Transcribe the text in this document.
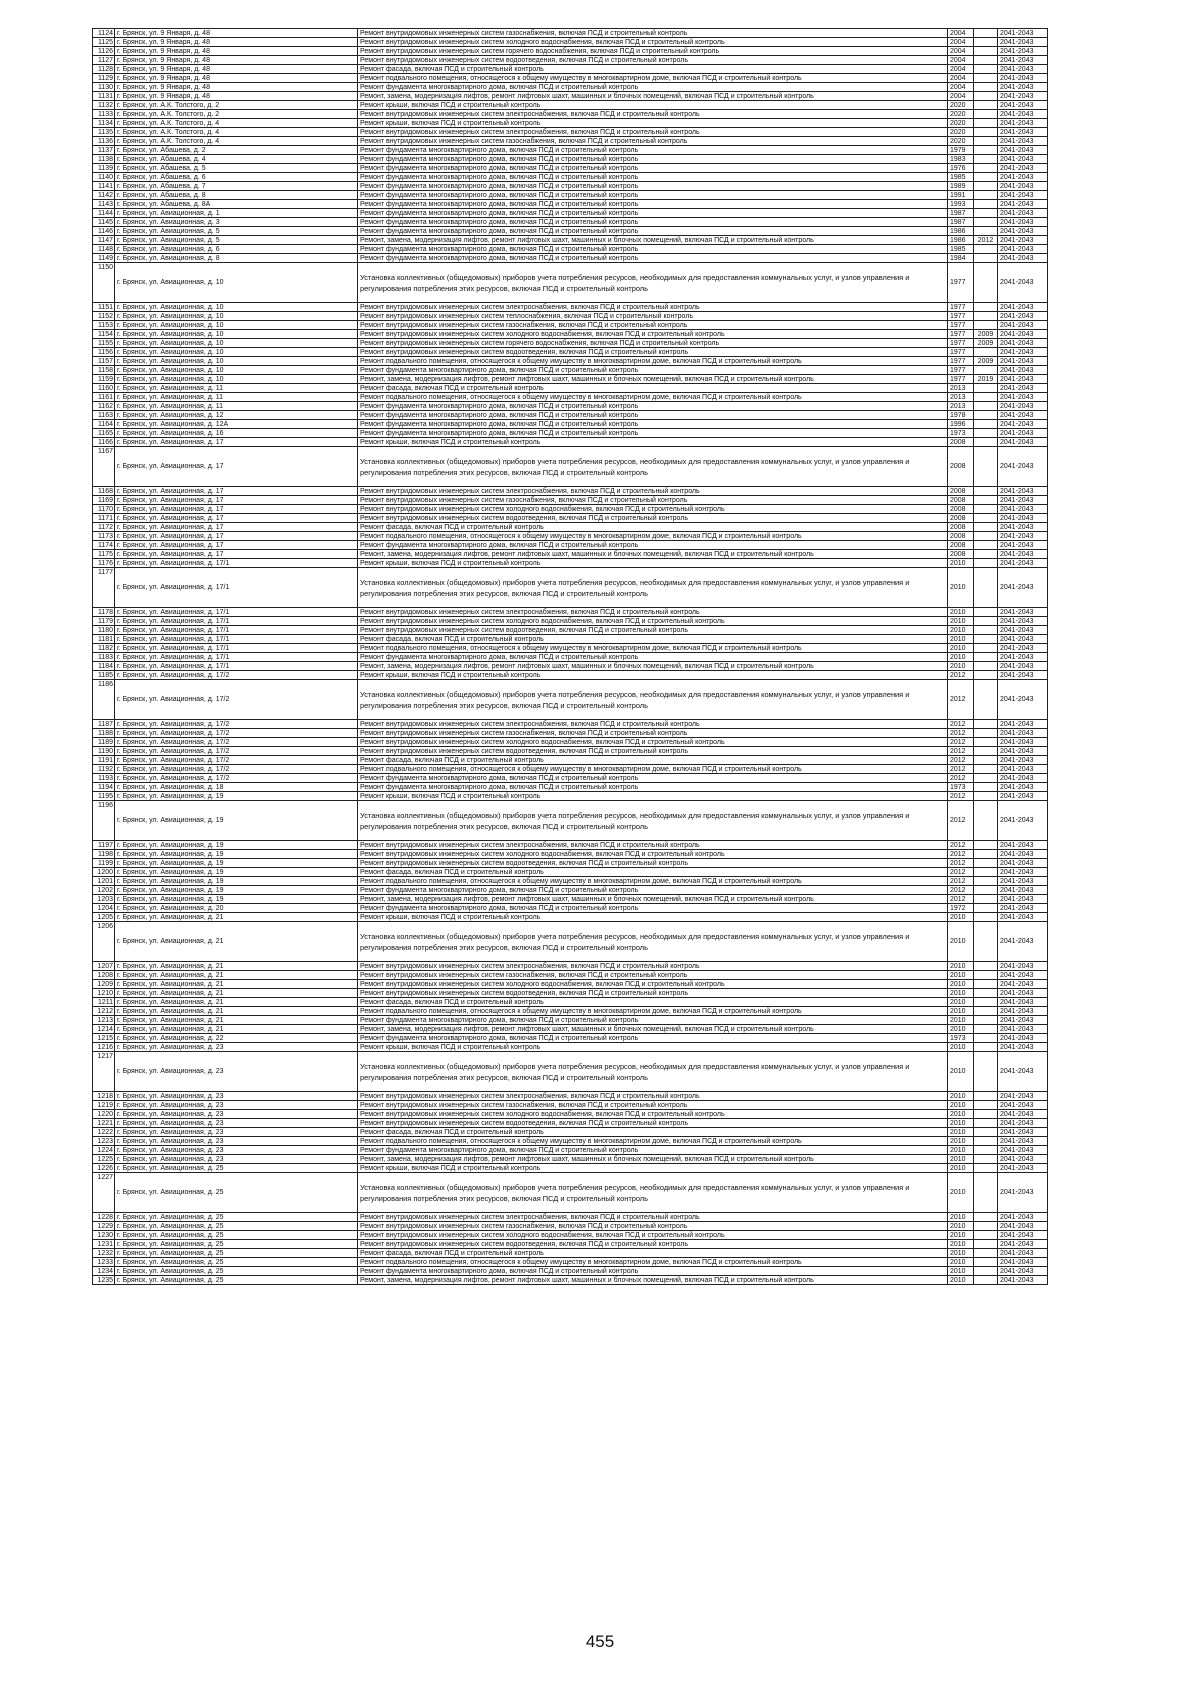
1124	г. Брянск, ул. 9 Января, д. 48	Ремонт внутридомовых инженерных систем газоснабжения, включая ПСД и строительный контроль	2004		2041-2043	
1125	г. Брянск, ул. 9 Января, д. 48	Ремонт внутридомовых инженерных систем холодного водоснабжения, включая ПСД и строительный контроль	2004		2041-2043	
1126	г. Брянск, ул. 9 Января, д. 48	Ремонт внутридомовых инженерных систем горячего водоснабжения, включая ПСД и строительный контроль	2004		2041-2043	
1127	г. Брянск, ул. 9 Января, д. 48	Ремонт внутридомовых инженерных систем водоотведения, включая ПСД и строительный контроль	2004		2041-2043	
1128	г. Брянск, ул. 9 Января, д. 48	Ремонт фасада, включая ПСД и строительный контроль	2004		2041-2043	
1129	г. Брянск, ул. 9 Января, д. 48	Ремонт подвального помещения, относящегося к общему имуществу в многоквартирном доме, включая ПСД и строительный контроль	2004		2041-2043	
1130	г. Брянск, ул. 9 Января, д. 48	Ремонт фундамента многоквартирного дома, включая ПСД и строительный контроль	2004		2041-2043	
1131	г. Брянск, ул. 9 Января, д. 48	Ремонт, замена, модернизация лифтов, ремонт лифтовых шахт, машинных и блочных помещений, включая ПСД и строительный контроль	2004		2041-2043	
1132	г. Брянск, ул. А.К. Толстого, д. 2	Ремонт крыши, включая ПСД и строительный контроль	2020		2041-2043	
1133	г. Брянск, ул. А.К. Толстого, д. 2	Ремонт внутридомовых инженерных систем электроснабжения, включая ПСД и строительный контроль	2020		2041-2043	
1134	г. Брянск, ул. А.К. Толстого, д. 4	Ремонт крыши, включая ПСД и строительный контроль	2020		2041-2043	
1135	г. Брянск, ул. А.К. Толстого, д. 4	Ремонт внутридомовых инженерных систем электроснабжения, включая ПСД и строительный контроль	2020		2041-2043	
1136	г. Брянск, ул. А.К. Толстого, д. 4	Ремонт внутридомовых инженерных систем газоснабжения, включая ПСД и строительный контроль	2020		2041-2043	
1137	г. Брянск, ул. Абашева, д. 2	Ремонт фундамента многоквартирного дома, включая ПСД и строительный контроль	1979		2041-2043	
1138	г. Брянск, ул. Абашева, д. 4	Ремонт фундамента многоквартирного дома, включая ПСД и строительный контроль	1983		2041-2043	
1139	г. Брянск, ул. Абашева, д. 5	Ремонт фундамента многоквартирного дома, включая ПСД и строительный контроль	1976		2041-2043	
1140	г. Брянск, ул. Абашева, д. 6	Ремонт фундамента многоквартирного дома, включая ПСД и строительный контроль	1985		2041-2043	
1141	г. Брянск, ул. Абашева, д. 7	Ремонт фундамента многоквартирного дома, включая ПСД и строительный контроль	1989		2041-2043	
1142	г. Брянск, ул. Абашева, д. 8	Ремонт фундамента многоквартирного дома, включая ПСД и строительный контроль	1991		2041-2043	
1143	г. Брянск, ул. Абашева, д. 8А	Ремонт фундамента многоквартирного дома, включая ПСД и строительный контроль	1993		2041-2043	
1144	г. Брянск, ул. Авиационная, д. 1	Ремонт фундамента многоквартирного дома, включая ПСД и строительный контроль	1987		2041-2043	
1145	г. Брянск, ул. Авиационная, д. 3	Ремонт фундамента многоквартирного дома, включая ПСД и строительный контроль	1987		2041-2043	
1146	г. Брянск, ул. Авиационная, д. 5	Ремонт фундамента многоквартирного дома, включая ПСД и строительный контроль	1986		2041-2043	
1147	г. Брянск, ул. Авиационная, д. 5	Ремонт, замена, модернизация лифтов, ремонт лифтовых шахт, машинных и блочных помещений, включая ПСД и строительный контроль	1986	2012	2041-2043	
1148	г. Брянск, ул. Авиационная, д. 6	Ремонт фундамента многоквартирного дома, включая ПСД и строительный контроль	1985		2041-2043	
1149	г. Брянск, ул. Авиационная, д. 8	Ремонт фундамента многоквартирного дома, включая ПСД и строительный контроль	1984		2041-2043	
1150	г. Брянск, ул. Авиационная, д. 10	Установка коллективных (общедомовых) приборов учета потребления ресурсов, необходимых для предоставления коммунальных услуг, и узлов управления и регулирования потребления этих ресурсов, включая ПСД и строительный контроль	1977		2041-2043	
1151	г. Брянск, ул. Авиационная, д. 10	Ремонт внутридомовых инженерных систем электроснабжения, включая ПСД и строительный контроль	1977		2041-2043	
1152	г. Брянск, ул. Авиационная, д. 10	Ремонт внутридомовых инженерных систем теплоснабжения, включая ПСД и строительный контроль	1977		2041-2043	
1153	г. Брянск, ул. Авиационная, д. 10	Ремонт внутридомовых инженерных систем газоснабжения, включая ПСД и строительный контроль	1977		2041-2043	
1154	г. Брянск, ул. Авиационная, д. 10	Ремонт внутридомовых инженерных систем холодного водоснабжения, включая ПСД и строительный контроль	1977	2009	2041-2043	
1155	г. Брянск, ул. Авиационная, д. 10	Ремонт внутридомовых инженерных систем горячего водоснабжения, включая ПСД и строительный контроль	1977	2009	2041-2043	
1156	г. Брянск, ул. Авиационная, д. 10	Ремонт внутридомовых инженерных систем водоотведения, включая ПСД и строительный контроль	1977		2041-2043	
1157	г. Брянск, ул. Авиационная, д. 10	Ремонт подвального помещения, относящегося к общему имуществу в многоквартирном доме, включая ПСД и строительный контроль	1977	2009	2041-2043	
1158	г. Брянск, ул. Авиационная, д. 10	Ремонт фундамента многоквартирного дома, включая ПСД и строительный контроль	1977		2041-2043	
1159	г. Брянск, ул. Авиационная, д. 10	Ремонт, замена, модернизация лифтов, ремонт лифтовых шахт, машинных и блочных помещений, включая ПСД и строительный контроль	1977	2019	2041-2043	
1160	г. Брянск, ул. Авиационная, д. 11	Ремонт фасада, включая ПСД и строительный контроль	2013		2041-2043	
1161	г. Брянск, ул. Авиационная, д. 11	Ремонт подвального помещения, относящегося к общему имуществу в многоквартирном доме, включая ПСД и строительный контроль	2013		2041-2043	
1162	г. Брянск, ул. Авиационная, д. 11	Ремонт фундамента многоквартирного дома, включая ПСД и строительный контроль	2013		2041-2043	
1163	г. Брянск, ул. Авиационная, д. 12	Ремонт фундамента многоквартирного дома, включая ПСД и строительный контроль	1978		2041-2043	
1164	г. Брянск, ул. Авиационная, д. 12А	Ремонт фундамента многоквартирного дома, включая ПСД и строительный контроль	1996		2041-2043	
1165	г. Брянск, ул. Авиационная, д. 16	Ремонт фундамента многоквартирного дома, включая ПСД и строительный контроль	1973		2041-2043	
1166	г. Брянск, ул. Авиационная, д. 17	Ремонт крыши, включая ПСД и строительный контроль	2008		2041-2043	
1167	г. Брянск, ул. Авиационная, д. 17	Установка коллективных (общедомовых) приборов учета потребления ресурсов, необходимых для предоставления коммунальных услуг, и узлов управления и регулирования потребления этих ресурсов, включая ПСД и строительный контроль	2008		2041-2043	
1168	г. Брянск, ул. Авиационная, д. 17	Ремонт внутридомовых инженерных систем электроснабжения, включая ПСД и строительный контроль	2008		2041-2043	
1169	г. Брянск, ул. Авиационная, д. 17	Ремонт внутридомовых инженерных систем газоснабжения, включая ПСД и строительный контроль	2008		2041-2043	
1170	г. Брянск, ул. Авиационная, д. 17	Ремонт внутридомовых инженерных систем холодного водоснабжения, включая ПСД и строительный контроль	2008		2041-2043	
1171	г. Брянск, ул. Авиационная, д. 17	Ремонт внутридомовых инженерных систем водоотведения, включая ПСД и строительный контроль	2008		2041-2043	
1172	г. Брянск, ул. Авиационная, д. 17	Ремонт фасада, включая ПСД и строительный контроль	2008		2041-2043	
1173	г. Брянск, ул. Авиационная, д. 17	Ремонт подвального помещения, относящегося к общему имуществу в многоквартирном доме, включая ПСД и строительный контроль	2008		2041-2043	
1174	г. Брянск, ул. Авиационная, д. 17	Ремонт фундамента многоквартирного дома, включая ПСД и строительный контроль	2008		2041-2043	
1175	г. Брянск, ул. Авиационная, д. 17	Ремонт, замена, модернизация лифтов, ремонт лифтовых шахт, машинных и блочных помещений, включая ПСД и строительный контроль	2008		2041-2043	
1176	г. Брянск, ул. Авиационная, д. 17/1	Ремонт крыши, включая ПСД и строительный контроль	2010		2041-2043	
1177	г. Брянск, ул. Авиационная, д. 17/1	Установка коллективных (общедомовых) приборов учета потребления ресурсов, необходимых для предоставления коммунальных услуг, и узлов управления и регулирования потребления этих ресурсов, включая ПСД и строительный контроль	2010		2041-2043	
1178	г. Брянск, ул. Авиационная, д. 17/1	Ремонт внутридомовых инженерных систем электроснабжения, включая ПСД и строительный контроль	2010		2041-2043	
1179	г. Брянск, ул. Авиационная, д. 17/1	Ремонт внутридомовых инженерных систем холодного водоснабжения, включая ПСД и строительный контроль	2010		2041-2043	
1180	г. Брянск, ул. Авиационная, д. 17/1	Ремонт внутридомовых инженерных систем водоотведения, включая ПСД и строительный контроль	2010		2041-2043	
1181	г. Брянск, ул. Авиационная, д. 17/1	Ремонт фасада, включая ПСД и строительный контроль	2010		2041-2043	
1182	г. Брянск, ул. Авиационная, д. 17/1	Ремонт подвального помещения, относящегося к общему имуществу в многоквартирном доме, включая ПСД и строительный контроль	2010		2041-2043	
1183	г. Брянск, ул. Авиационная, д. 17/1	Ремонт фундамента многоквартирного дома, включая ПСД и строительный контроль	2010		2041-2043	
1184	г. Брянск, ул. Авиационная, д. 17/1	Ремонт, замена, модернизация лифтов, ремонт лифтовых шахт, машинных и блочных помещений, включая ПСД и строительный контроль	2010		2041-2043	
1185	г. Брянск, ул. Авиационная, д. 17/2	Ремонт крыши, включая ПСД и строительный контроль	2012		2041-2043	
1186	г. Брянск, ул. Авиационная, д. 17/2	Установка коллективных (общедомовых) приборов учета потребления ресурсов, необходимых для предоставления коммунальных услуг, и узлов управления и регулирования потребления этих ресурсов, включая ПСД и строительный контроль	2012		2041-2043	
1187	г. Брянск, ул. Авиационная, д. 17/2	Ремонт внутридомовых инженерных систем электроснабжения, включая ПСД и строительный контроль	2012		2041-2043	
1188	г. Брянск, ул. Авиационная, д. 17/2	Ремонт внутридомовых инженерных систем газоснабжения, включая ПСД и строительный контроль	2012		2041-2043	
1189	г. Брянск, ул. Авиационная, д. 17/2	Ремонт внутридомовых инженерных систем холодного водоснабжения, включая ПСД и строительный контроль	2012		2041-2043	
1190	г. Брянск, ул. Авиационная, д. 17/2	Ремонт внутридомовых инженерных систем водоотведения, включая ПСД и строительный контроль	2012		2041-2043	
1191	г. Брянск, ул. Авиационная, д. 17/2	Ремонт фасада, включая ПСД и строительный контроль	2012		2041-2043	
1192	г. Брянск, ул. Авиационная, д. 17/2	Ремонт подвального помещения, относящегося к общему имуществу в многоквартирном доме, включая ПСД и строительный контроль	2012		2041-2043	
1193	г. Брянск, ул. Авиационная, д. 17/2	Ремонт фундамента многоквартирного дома, включая ПСД и строительный контроль	2012		2041-2043	
1194	г. Брянск, ул. Авиационная, д. 18	Ремонт фундамента многоквартирного дома, включая ПСД и строительный контроль	1973		2041-2043	
1195	г. Брянск, ул. Авиационная, д. 19	Ремонт крыши, включая ПСД и строительный контроль	2012		2041-2043	
1196	г. Брянск, ул. Авиационная, д. 19	Установка коллективных (общедомовых) приборов учета потребления ресурсов, необходимых для предоставления коммунальных услуг, и узлов управления и регулирования потребления этих ресурсов, включая ПСД и строительный контроль	2012		2041-2043	
1197	г. Брянск, ул. Авиационная, д. 19	Ремонт внутридомовых инженерных систем электроснабжения, включая ПСД и строительный контроль	2012		2041-2043	
1198	г. Брянск, ул. Авиационная, д. 19	Ремонт внутридомовых инженерных систем холодного водоснабжения, включая ПСД и строительный контроль	2012		2041-2043	
1199	г. Брянск, ул. Авиационная, д. 19	Ремонт внутридомовых инженерных систем водоотведения, включая ПСД и строительный контроль	2012		2041-2043	
1200	г. Брянск, ул. Авиационная, д. 19	Ремонт фасада, включая ПСД и строительный контроль	2012		2041-2043	
1201	г. Брянск, ул. Авиационная, д. 19	Ремонт подвального помещения, относящегося к общему имуществу в многоквартирном доме, включая ПСД и строительный контроль	2012		2041-2043	
1202	г. Брянск, ул. Авиационная, д. 19	Ремонт фундамента многоквартирного дома, включая ПСД и строительный контроль	2012		2041-2043	
1203	г. Брянск, ул. Авиационная, д. 19	Ремонт, замена, модернизация лифтов, ремонт лифтовых шахт, машинных и блочных помещений, включая ПСД и строительный контроль	2012		2041-2043	
1204	г. Брянск, ул. Авиационная, д. 20	Ремонт фундамента многоквартирного дома, включая ПСД и строительный контроль	1972		2041-2043	
1205	г. Брянск, ул. Авиационная, д. 21	Ремонт крыши, включая ПСД и строительный контроль	2010		2041-2043	
1206	г. Брянск, ул. Авиационная, д. 21	Установка коллективных (общедомовых) приборов учета потребления ресурсов, необходимых для предоставления коммунальных услуг, и узлов управления и регулирования потребления этих ресурсов, включая ПСД и строительный контроль	2010		2041-2043	
1207	г. Брянск, ул. Авиационная, д. 21	Ремонт внутридомовых инженерных систем электроснабжения, включая ПСД и строительный контроль	2010		2041-2043	
1208	г. Брянск, ул. Авиационная, д. 21	Ремонт внутридомовых инженерных систем газоснабжения, включая ПСД и строительный контроль	2010		2041-2043	
1209	г. Брянск, ул. Авиационная, д. 21	Ремонт внутридомовых инженерных систем холодного водоснабжения, включая ПСД и строительный контроль	2010		2041-2043	
1210	г. Брянск, ул. Авиационная, д. 21	Ремонт внутридомовых инженерных систем водоотведения, включая ПСД и строительный контроль	2010		2041-2043	
1211	г. Брянск, ул. Авиационная, д. 21	Ремонт фасада, включая ПСД и строительный контроль	2010		2041-2043	
1212	г. Брянск, ул. Авиационная, д. 21	Ремонт подвального помещения, относящегося к общему имуществу в многоквартирном доме, включая ПСД и строительный контроль	2010		2041-2043	
1213	г. Брянск, ул. Авиационная, д. 21	Ремонт фундамента многоквартирного дома, включая ПСД и строительный контроль	2010		2041-2043	
1214	г. Брянск, ул. Авиационная, д. 21	Ремонт, замена, модернизация лифтов, ремонт лифтовых шахт, машинных и блочных помещений, включая ПСД и строительный контроль	2010		2041-2043	
1215	г. Брянск, ул. Авиационная, д. 22	Ремонт фундамента многоквартирного дома, включая ПСД и строительный контроль	1973		2041-2043	
1216	г. Брянск, ул. Авиационная, д. 23	Ремонт крыши, включая ПСД и строительный контроль	2010		2041-2043	
1217	г. Брянск, ул. Авиационная, д. 23	Установка коллективных (общедомовых) приборов учета потребления ресурсов, необходимых для предоставления коммунальных услуг, и узлов управления и регулирования потребления этих ресурсов, включая ПСД и строительный контроль	2010		2041-2043	
1218	г. Брянск, ул. Авиационная, д. 23	Ремонт внутридомовых инженерных систем электроснабжения, включая ПСД и строительный контроль	2010		2041-2043	
1219	г. Брянск, ул. Авиационная, д. 23	Ремонт внутридомовых инженерных систем газоснабжения, включая ПСД и строительный контроль	2010		2041-2043	
1220	г. Брянск, ул. Авиационная, д. 23	Ремонт внутридомовых инженерных систем холодного водоснабжения, включая ПСД и строительный контроль	2010		2041-2043	
1221	г. Брянск, ул. Авиационная, д. 23	Ремонт внутридомовых инженерных систем водоотведения, включая ПСД и строительный контроль	2010		2041-2043	
1222	г. Брянск, ул. Авиационная, д. 23	Ремонт фасада, включая ПСД и строительный контроль	2010		2041-2043	
1223	г. Брянск, ул. Авиационная, д. 23	Ремонт подвального помещения, относящегося к общему имуществу в многоквартирном доме, включая ПСД и строительный контроль	2010		2041-2043	
1224	г. Брянск, ул. Авиационная, д. 23	Ремонт фундамента многоквартирного дома, включая ПСД и строительный контроль	2010		2041-2043	
1225	г. Брянск, ул. Авиационная, д. 23	Ремонт, замена, модернизация лифтов, ремонт лифтовых шахт, машинных и блочных помещений, включая ПСД и строительный контроль	2010		2041-2043	
1226	г. Брянск, ул. Авиационная, д. 25	Ремонт крыши, включая ПСД и строительный контроль	2010		2041-2043	
1227	г. Брянск, ул. Авиационная, д. 25	Установка коллективных (общедомовых) приборов учета потребления ресурсов, необходимых для предоставления коммунальных услуг, и узлов управления и регулирования потребления этих ресурсов, включая ПСД и строительный контроль	2010		2041-2043	
1228	г. Брянск, ул. Авиационная, д. 25	Ремонт внутридомовых инженерных систем электроснабжения, включая ПСД и строительный контроль	2010		2041-2043	
1229	г. Брянск, ул. Авиационная, д. 25	Ремонт внутридомовых инженерных систем газоснабжения, включая ПСД и строительный контроль	2010		2041-2043	
1230	г. Брянск, ул. Авиационная, д. 25	Ремонт внутридомовых инженерных систем холодного водоснабжения, включая ПСД и строительный контроль	2010		2041-2043	
1231	г. Брянск, ул. Авиационная, д. 25	Ремонт внутридомовых инженерных систем водоотведения, включая ПСД и строительный контроль	2010		2041-2043	
1232	г. Брянск, ул. Авиационная, д. 25	Ремонт фасада, включая ПСД и строительный контроль	2010		2041-2043	
1233	г. Брянск, ул. Авиационная, д. 25	Ремонт подвального помещения, относящегося к общему имуществу в многоквартирном доме, включая ПСД и строительный контроль	2010		2041-2043	
1234	г. Брянск, ул. Авиационная, д. 25	Ремонт фундамента многоквартирного дома, включая ПСД и строительный контроль	2010		2041-2043	
1235	г. Брянск, ул. Авиационная, д. 25	Ремонт, замена, модернизация лифтов, ремонт лифтовых шахт, машинных и блочных помещений, включая ПСД и строительный контроль	2010		2041-2043	
455
